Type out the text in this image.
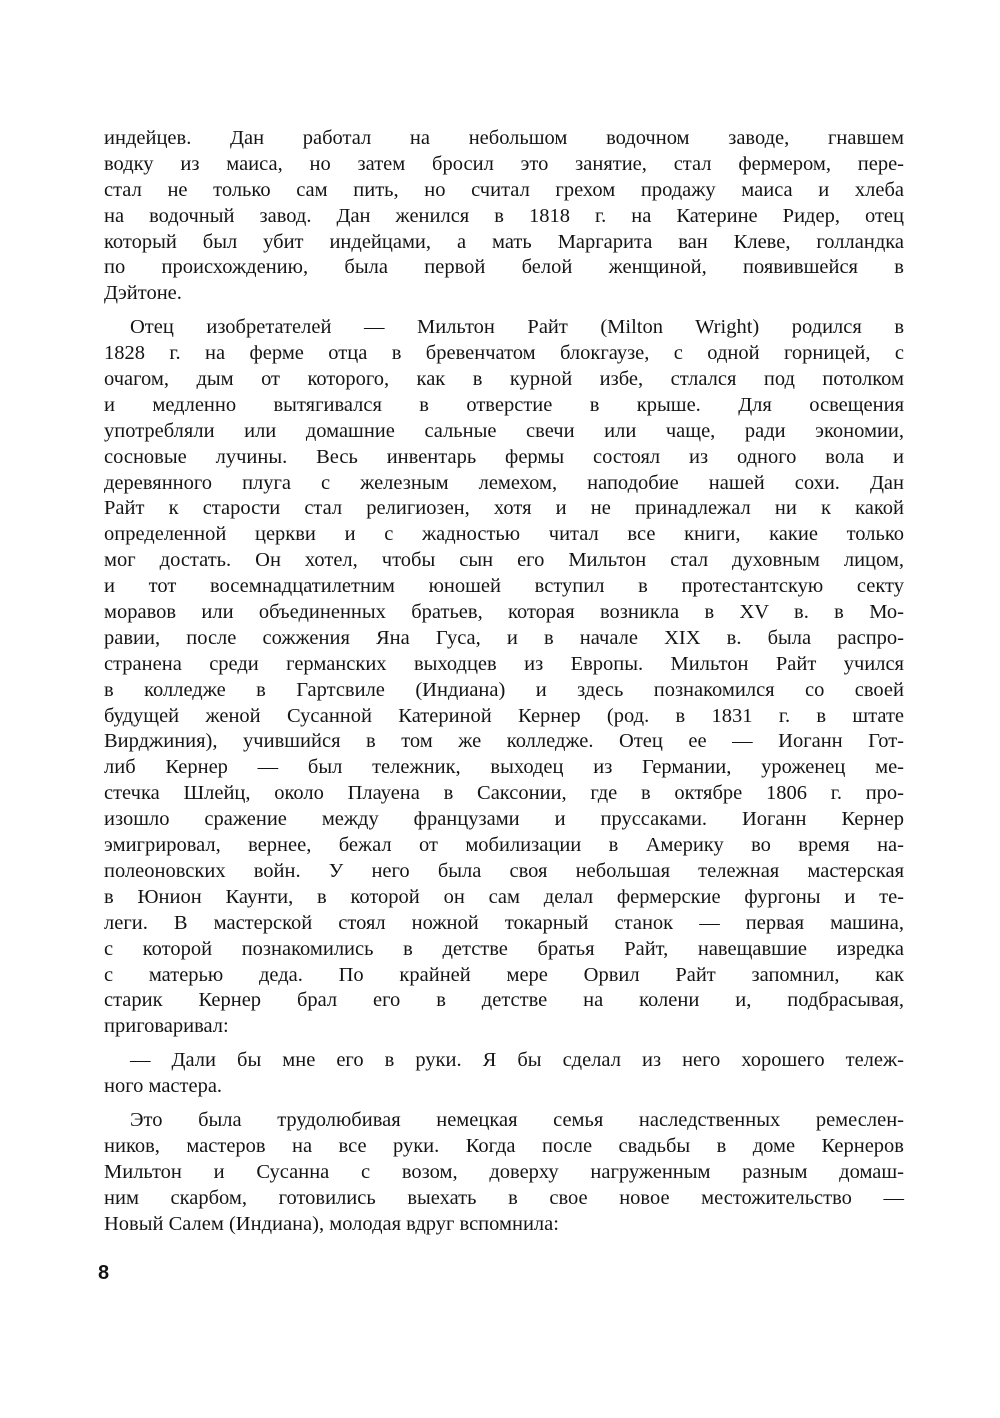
индейцев. Дан работал на небольшом водочном заводе, гнавшем
водку из маиса, но затем бросил это занятие, стал фермером, пере-
стал не только сам пить, но считал грехом продажу маиса и хлеба
на водочный завод. Дан женился в 1818 г. на Катерине Ридер, отец
который был убит индейцами, а мать Маргарита ван Клеве, голландка
по происхождению, была первой белой женщиной, появившейся в
Дэйтоне.
Отец изобретателей — Мильтон Райт (Milton Wright) родился в
1828 г. на ферме отца в бревенчатом блокгаузе, с одной горницей, с
очагом, дым от которого, как в курной избе, стлался под потолком
и медленно вытягивался в отверстие в крыше. Для освещения
употребляли или домашние сальные свечи или чаще, ради экономии,
сосновые лучины. Весь инвентарь фермы состоял из одного вола и
деревянного плуга с железным лемехом, наподобие нашей сохи. Дан
Райт к старости стал религиозен, хотя и не принадлежал ни к какой
определенной церкви и с жадностью читал все книги, какие только
мог достать. Он хотел, чтобы сын его Мильтон стал духовным лицом,
и тот восемнадцатилетним юношей вступил в протестантскую секту
моравов или объединенных братьев, которая возникла в XV в. в Мо-
равии, после сожжения Яна Гуса, и в начале XIX в. была распро-
странена среди германских выходцев из Европы. Мильтон Райт учился
в колледже в Гартсвиле (Индиана) и здесь познакомился со своей
будущей женой Сусанной Катериной Кернер (род. в 1831 г. в штате
Вирджиния), учившийся в том же колледже. Отец ее — Иоганн Гот-
либ Кернер — был тележник, выходец из Германии, уроженец ме-
стечка Шлейц, около Плауена в Саксонии, где в октябре 1806 г. про-
изошло сражение между французами и пруссаками. Иоганн Кернер
эмигрировал, вернее, бежал от мобилизации в Америку во время на-
полеоновских войн. У него была своя небольшая тележная мастерская
в Юнион Каунти, в которой он сам делал фермерские фургоны и те-
леги. В мастерской стоял ножной токарный станок — первая машина,
с которой познакомились в детстве братья Райт, навещавшие изредка
с матерью деда. По крайней мере Орвил Райт запомнил, как
старик Кернер брал его в детстве на колени и, подбрасывая,
приговаривал:
— Дали бы мне его в руки. Я бы сделал из него хорошего тележ-
ного мастера.
Это была трудолюбивая немецкая семья наследственных ремеслен-
ников, мастеров на все руки. Когда после свадьбы в доме Кернеров
Мильтон и Сусанна с возом, доверху нагруженным разным домаш-
ним скарбом, готовились выехать в свое новое местожительство —
Новый Салем (Индиана), молодая вдруг вспомнила:
8
